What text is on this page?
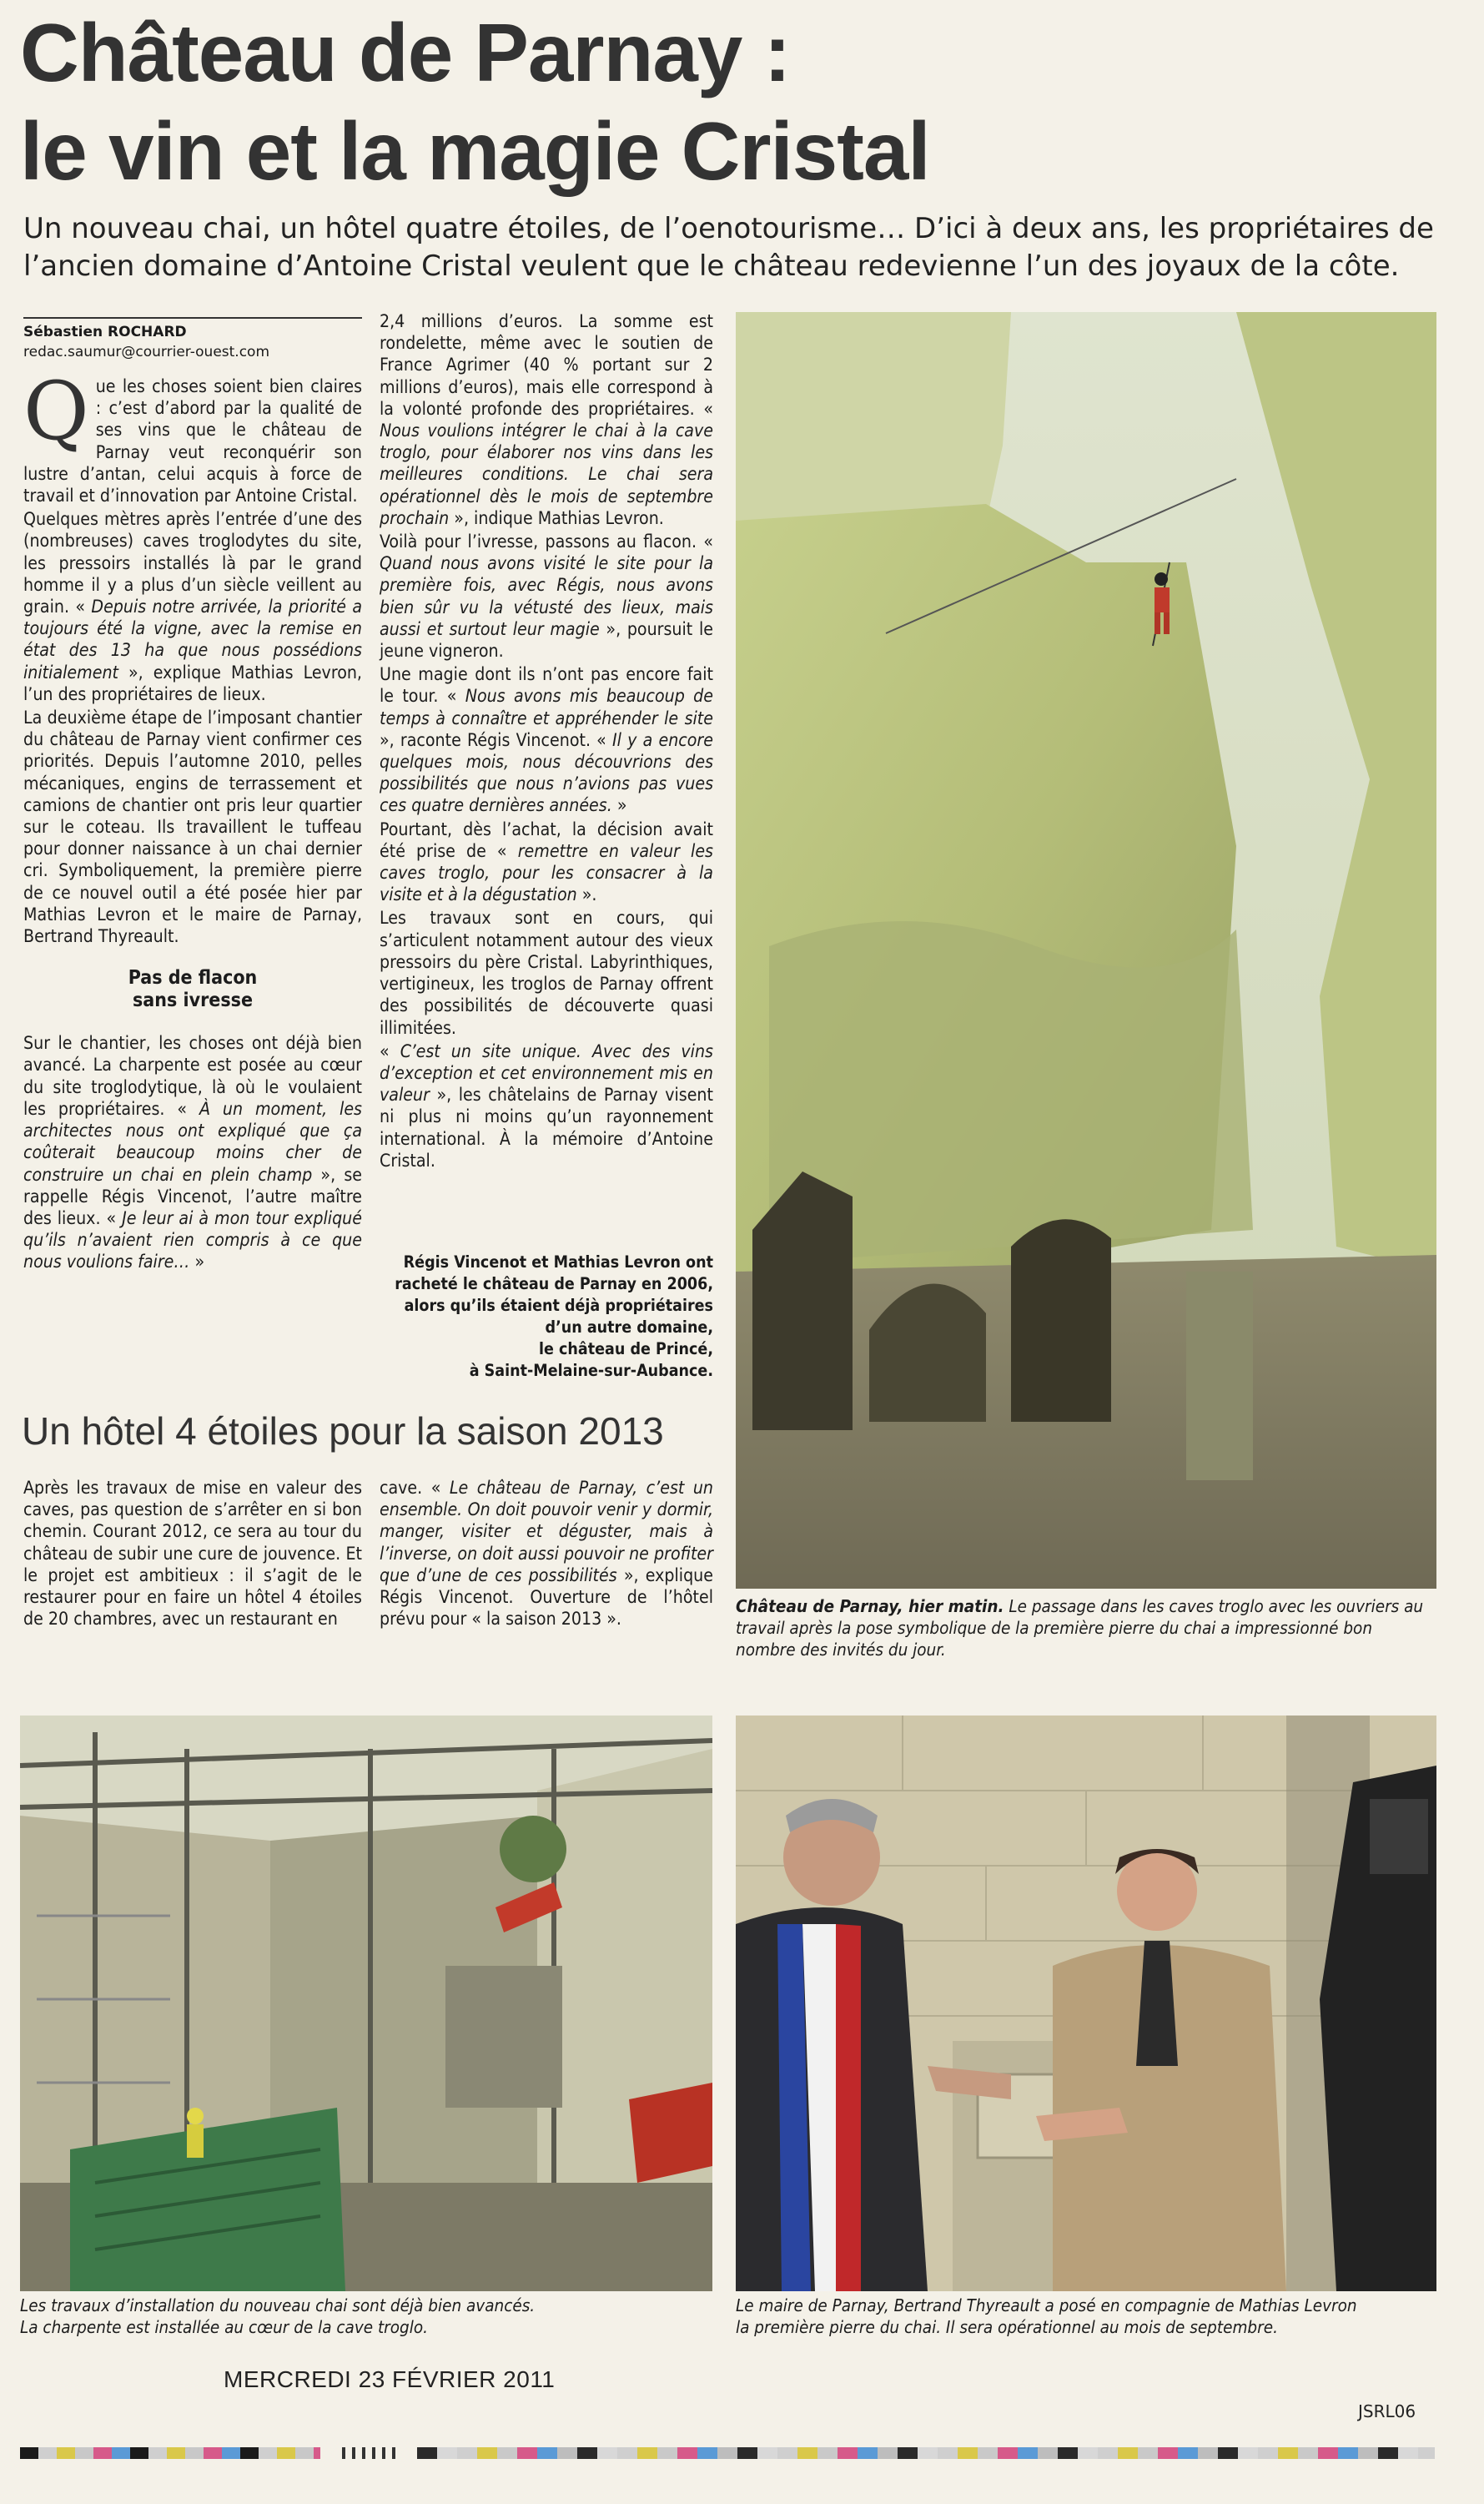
Château de Parnay :
le vin et la magie Cristal
Un nouveau chai, un hôtel quatre étoiles, de l’oenotourisme… D’ici à deux ans, les propriétaires de l’ancien domaine d’Antoine Cristal veulent que le château redevienne l’un des joyaux de la côte.
Sébastien ROCHARD
redac.saumur@courrier-ouest.com

Que les choses soient bien claires : c’est d’abord par la qualité de ses vins que le château de Parnay veut reconquérir son lustre d’antan, celui acquis à force de travail et d’innovation par Antoine Cristal.

Quelques mètres après l’entrée d’une des (nombreuses) caves troglodytes du site, les pressoirs installés là par le grand homme il y a plus d’un siècle veillent au grain. « Depuis notre arrivée, la priorité a toujours été la vigne, avec la remise en état des 13 ha que nous possédions initialement », explique Mathias Levron, l’un des propriétaires de lieux.

La deuxième étape de l’imposant chantier du château de Parnay vient confirmer ces priorités. Depuis l’automne 2010, pelles mécaniques, engins de terrassement et camions de chantier ont pris leur quartier sur le coteau. Ils travaillent le tuffeau pour donner naissance à un chai dernier cri. Symboliquement, la première pierre de ce nouvel outil a été posée hier par Mathias Levron et le maire de Parnay, Bertrand Thyreault.

Pas de flacon
sans ivresse

Sur le chantier, les choses ont déjà bien avancé. La charpente est posée au cœur du site troglodytique, là où le voulaient les propriétaires. « À un moment, les architectes nous ont expliqué que ça coûterait beaucoup moins cher de construire un chai en plein champ », se rappelle Régis Vincenot, l’autre maître des lieux. « Je leur ai à mon tour expliqué qu’ils n’avaient rien compris à ce que nous voulions faire… »

2,4 millions d’euros. La somme est rondelette, même avec le soutien de France Agrimer (40 % portant sur 2 millions d’euros), mais elle correspond à la volonté profonde des propriétaires. « Nous voulions intégrer le chai à la cave troglo, pour élaborer nos vins dans les meilleures conditions. Le chai sera opérationnel dès le mois de septembre prochain », indique Mathias Levron.

Voilà pour l’ivresse, passons au flacon. « Quand nous avons visité le site pour la première fois, avec Régis, nous avons bien sûr vu la vétusté des lieux, mais aussi et surtout leur magie », poursuit le jeune vigneron.

Une magie dont ils n’ont pas encore fait le tour. « Nous avons mis beaucoup de temps à connaître et appréhender le site », raconte Régis Vincenot. « Il y a encore quelques mois, nous découvrions des possibilités que nous n’avions pas vues ces quatre dernières années. »

Pourtant, dès l’achat, la décision avait été prise de « remettre en valeur les caves troglo, pour les consacrer à la visite et à la dégustation ».

Les travaux sont en cours, qui s’articulent notamment autour des vieux pressoirs du père Cristal. Labyrinthiques, vertigineux, les troglos de Parnay offrent des possibilités de découverte quasi illimitées.

« C’est un site unique. Avec des vins d’exception et cet environnement mis en valeur », les châtelains de Parnay visent ni plus ni moins qu’un rayonnement international. À la mémoire d’Antoine Cristal.

Régis Vincenot et Mathias Levron ont
racheté le château de Parnay en 2006,
alors qu’ils étaient déjà propriétaires
d’un autre domaine,
le château de Princé,
à Saint-Melaine-sur-Aubance.
Château de Parnay, hier matin. Le passage dans les caves troglo avec les ouvriers au travail après la pose symbolique de la première pierre du chai a impressionné bon nombre des invités du jour.
Un hôtel 4 étoiles pour la saison 2013
Après les travaux de mise en valeur des caves, pas question de s’arrêter en si bon chemin. Courant 2012, ce sera au tour du château de subir une cure de jouvence. Et le projet est ambitieux : il s’agit de le restaurer pour en faire un hôtel 4 étoiles de 20 chambres, avec un restaurant en
cave. « Le château de Parnay, c’est un ensemble. On doit pouvoir venir y dormir, manger, visiter et déguster, mais à l’inverse, on doit aussi pouvoir ne profiter que d’une de ces possibilités », explique Régis Vincenot. Ouverture de l’hôtel prévu pour « la saison 2013 ».
Les travaux d’installation du nouveau chai sont déjà bien avancés.
La charpente est installée au cœur de la cave troglo.
Le maire de Parnay, Bertrand Thyreault a posé en compagnie de Mathias Levron
la première pierre du chai. Il sera opérationnel au mois de septembre.
MERCREDI 23 FÉVRIER 2011
JSRL06
